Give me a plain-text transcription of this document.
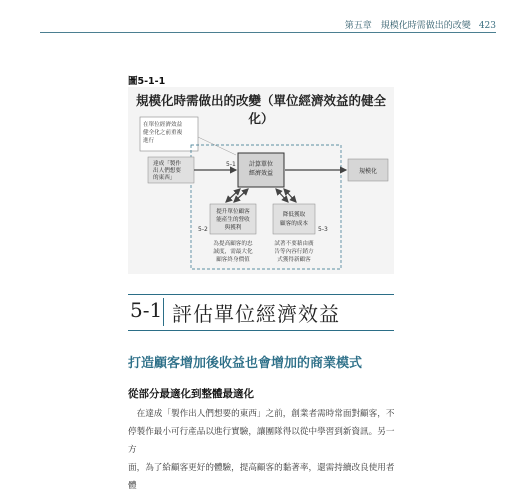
第五章　規模化時需做出的改變 423
圖5-1-1
規模化時需做出的改變（單位經濟效益的健全化）
在單位經濟效益
健全化之前重複
進行
達成「製作
出人們想要
的東西」
計算單位
經濟效益	規模化
5-1
提升單位顧客
能產生的營收
與獲利
降低獲取
顧客的成本
5-2	5-3
為提高顧客的忠
誠度，需最大化
顧客終身價值
試著不要藉由廣
告等內容行銷方
式獲得新顧客
5-1 評估單位經濟效益
打造顧客增加後收益也會增加的商業模式
從部分最適化到整體最適化

　在達成「製作出人們想要的東西」之前，創業者需時常面對顧客，不

停製作最小可行產品以進行實驗，讓團隊得以從中學習到新資訊。另一方

面，為了給顧客更好的體驗，提高顧客的黏著率，還需持續改良使用者體
